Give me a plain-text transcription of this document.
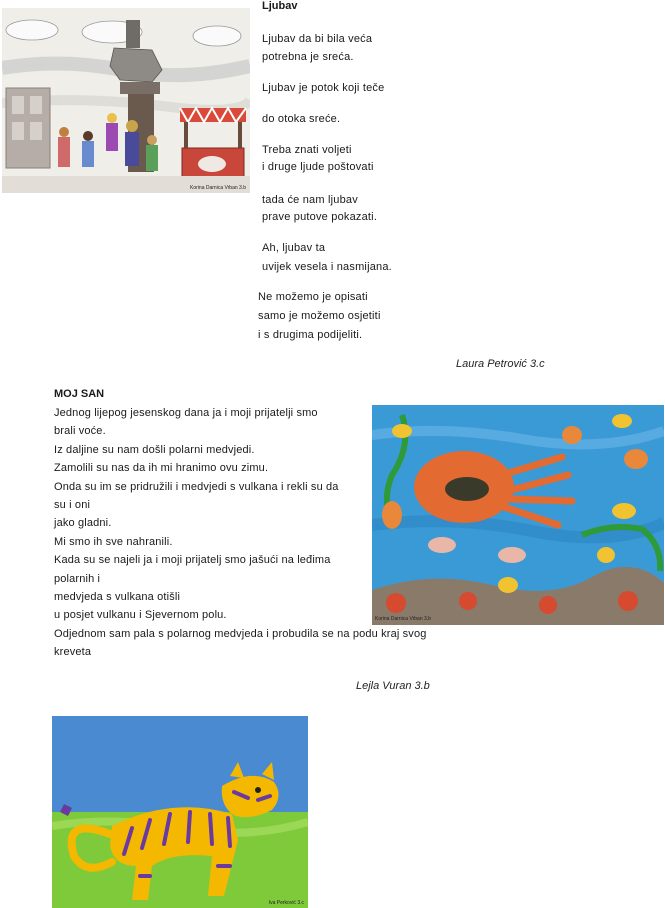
Korina Darnica Vrban 3.b
Ljubav
Ljubav da bi bila veća
potrebna je sreća.
Ljubav je potok koji teče
do otoka sreće.
Treba znati voljeti
i druge ljude poštovati
tada će nam ljubav
prave putove pokazati.
Ah, ljubav ta
uvijek vesela i nasmijana.
Ne možemo je opisati
samo je možemo osjetiti
i s drugima podijeliti.
Laura Petrović 3.c
MOJ SAN
Jednog lijepog jesenskog dana ja i moji prijatelji smo
brali voće.
Iz daljine su nam došli polarni medvjedi.
Zamolili su nas da ih mi hranimo ovu zimu.
Onda su im se pridružili i medvjedi s vulkana i rekli su da
su i oni
jako gladni.
Mi smo ih sve nahranili.
Kada su se najeli ja i moji prijatelj smo jašući na leđima
polarnih i
medvjeda s vulkana otišli
u posjet vulkanu i Sjevernom polu.
Odjednom sam pala s polarnog medvjeda i probudila se na podu kraj svog
kreveta
Lejla Vuran 3.b
Korina Darnica Vrban 3.b
Iva Perković 3.c
